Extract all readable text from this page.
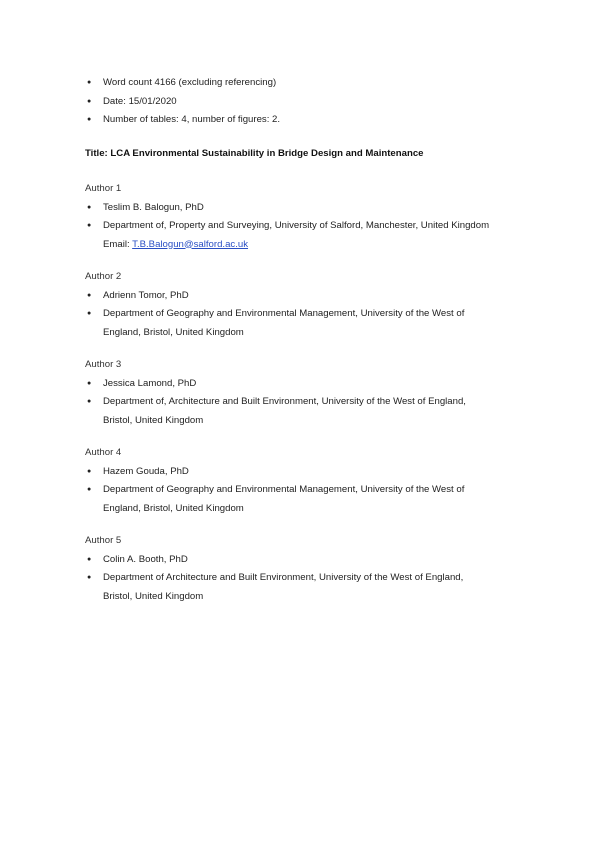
● Word count 4166 (excluding referencing)
● Date: 15/01/2020
● Number of tables: 4, number of figures: 2.
Title: LCA Environmental Sustainability in Bridge Design and Maintenance
Author 1
● Teslim B. Balogun, PhD
● Department of, Property and Surveying, University of Salford, Manchester, United Kingdom
Email: T.B.Balogun@salford.ac.uk
Author 2
● Adrienn Tomor, PhD
● Department of Geography and Environmental Management, University of the West of
England, Bristol, United Kingdom
Author 3
● Jessica Lamond, PhD
● Department of, Architecture and Built Environment, University of the West of England,
Bristol, United Kingdom
Author 4
● Hazem Gouda, PhD
● Department of Geography and Environmental Management, University of the West of
England, Bristol, United Kingdom
Author 5
● Colin A. Booth, PhD
● Department of Architecture and Built Environment, University of the West of England,
Bristol, United Kingdom
